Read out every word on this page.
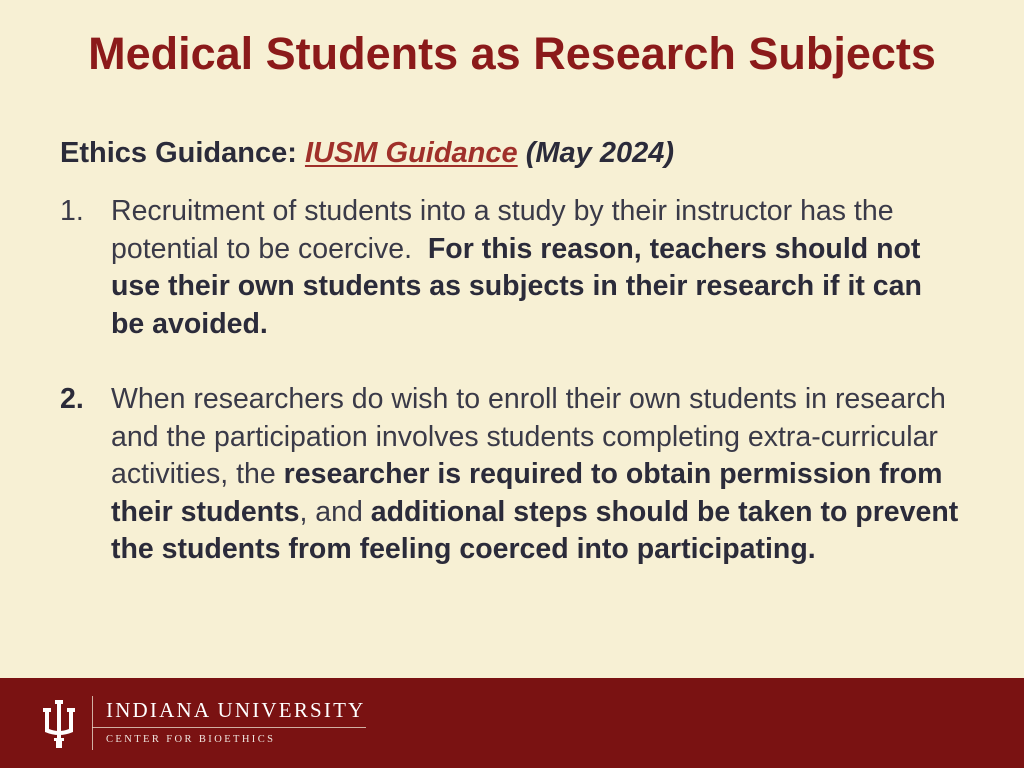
Medical Students as Research Subjects
Ethics Guidance: IUSM Guidance (May 2024)
1. Recruitment of students into a study by their instructor has the potential to be coercive. For this reason, teachers should not use their own students as subjects in their research if it can be avoided.
2. When researchers do wish to enroll their own students in research and the participation involves students completing extra-curricular activities, the researcher is required to obtain permission from their students, and additional steps should be taken to prevent the students from feeling coerced into participating.
INDIANA UNIVERSITY
CENTER FOR BIOETHICS
